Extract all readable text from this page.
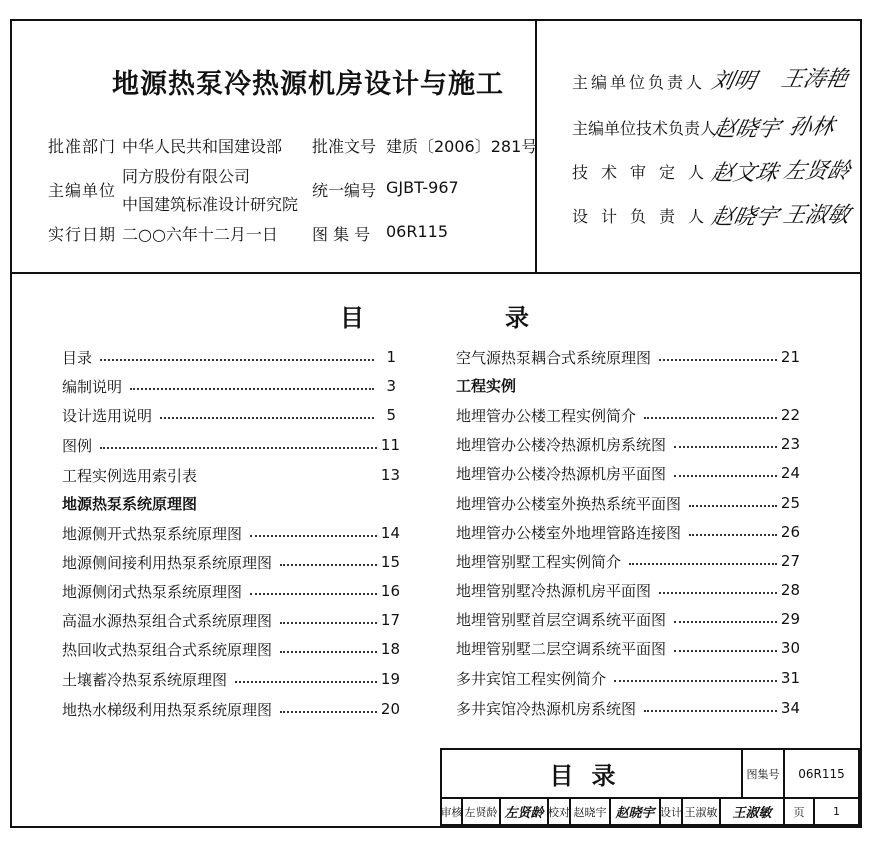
地源热泵冷热源机房设计与施工
批准部门 中华人民共和国建设部 批准文号 建质〔2006〕281号
主编单位
同方股份有限公司
中国建筑标准设计研究院
统一编号 GJBT-967
实行日期 二○○六年十二月一日 图 集 号 06R115
主编单位负责人 刘明 王涛艳
主编单位技术负责人
赵晓宇 孙林
技术审定人
赵文珠 左贤龄
设计负责人
赵晓宇 王淑敏
目	录
目录	1
编制说明	3
设计选用说明	5
图例	11
工程实例选用索引表	13
地源热泵系统原理图
地源侧开式热泵系统原理图	14
地源侧间接利用热泵系统原理图	15
地源侧闭式热泵系统原理图	16
高温水源热泵组合式系统原理图	17
热回收式热泵组合式系统原理图	18
土壤蓄冷热泵系统原理图	19
地热水梯级利用热泵系统原理图	20
空气源热泵耦合式系统原理图	21
工程实例
地埋管办公楼工程实例简介	22
地埋管办公楼冷热源机房系统图	23
地埋管办公楼冷热源机房平面图	24
地埋管办公楼室外换热系统平面图	25
地埋管办公楼室外地埋管路连接图	26
地埋管别墅工程实例简介	27
地埋管别墅冷热源机房平面图	28
地埋管别墅首层空调系统平面图	29
地埋管别墅二层空调系统平面图	30
多井宾馆工程实例简介	31
多井宾馆冷热源机房系统图	34
目录	图集号	06R115
审核 左贤龄 左贤龄 校对 赵晓宇 赵晓宇 设计 王淑敏	王淑敏	页	1
